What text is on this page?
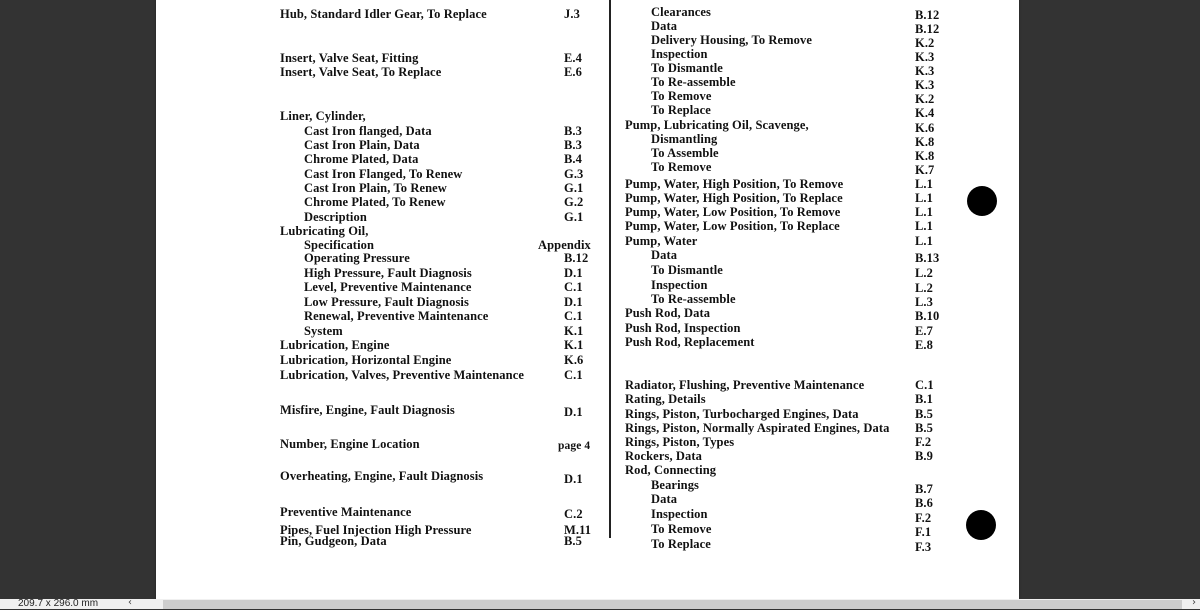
Hub, Standard Idler Gear, To Replace	J.3
Insert, Valve Seat, Fitting	E.4
Insert, Valve Seat, To Replace	E.6
Liner, Cylinder,
Cast Iron flanged, Data	B.3
Cast Iron Plain, Data	B.3
Chrome Plated, Data	B.4
Cast Iron Flanged, To Renew	G.3
Cast Iron Plain, To Renew	G.1
Chrome Plated, To Renew	G.2
Description	G.1
Lubricating Oil,
Specification	Appendix
Operating Pressure	B.12
High Pressure, Fault Diagnosis	D.1
Level, Preventive Maintenance	C.1
Low Pressure, Fault Diagnosis	D.1
Renewal, Preventive Maintenance	C.1
System	K.1
Lubrication, Engine	K.1
Lubrication, Horizontal Engine	K.6
Lubrication, Valves, Preventive Maintenance	C.1
Misfire, Engine, Fault Diagnosis	D.1
Number, Engine Location	page 4
Overheating, Engine, Fault Diagnosis	D.1
Preventive Maintenance	C.2
Pipes, Fuel Injection High Pressure	M.11
Pin, Gudgeon, Data	B.5
Clearances	B.12
Data	B.12
Delivery Housing, To Remove	K.2
Inspection	K.3
To Dismantle	K.3
To Re-assemble	K.3
To Remove	K.2
To Replace	K.4
Pump, Lubricating Oil, Scavenge,	K.6
Dismantling	K.8
To Assemble	K.8
To Remove	K.7
Pump, Water, High Position, To Remove	L.1
Pump, Water, High Position, To Replace	L.1
Pump, Water, Low Position, To Remove	L.1
Pump, Water, Low Position, To Replace	L.1
Pump, Water	L.1
Data	B.13
To Dismantle	L.2
Inspection	L.2
To Re-assemble	L.3
Push Rod, Data	B.10
Push Rod, Inspection	E.7
Push Rod, Replacement	E.8
Radiator, Flushing, Preventive Maintenance	C.1
Rating, Details	B.1
Rings, Piston, Turbocharged Engines, Data	B.5
Rings, Piston, Normally Aspirated Engines, Data B.5
Rings, Piston, Types	F.2
Rockers, Data	B.9
Rod, Connecting
Bearings	B.7
Data	B.6
Inspection	F.2
To Remove	F.1
To Replace	F.3
209.7 x 296.0 mm	‹	›
